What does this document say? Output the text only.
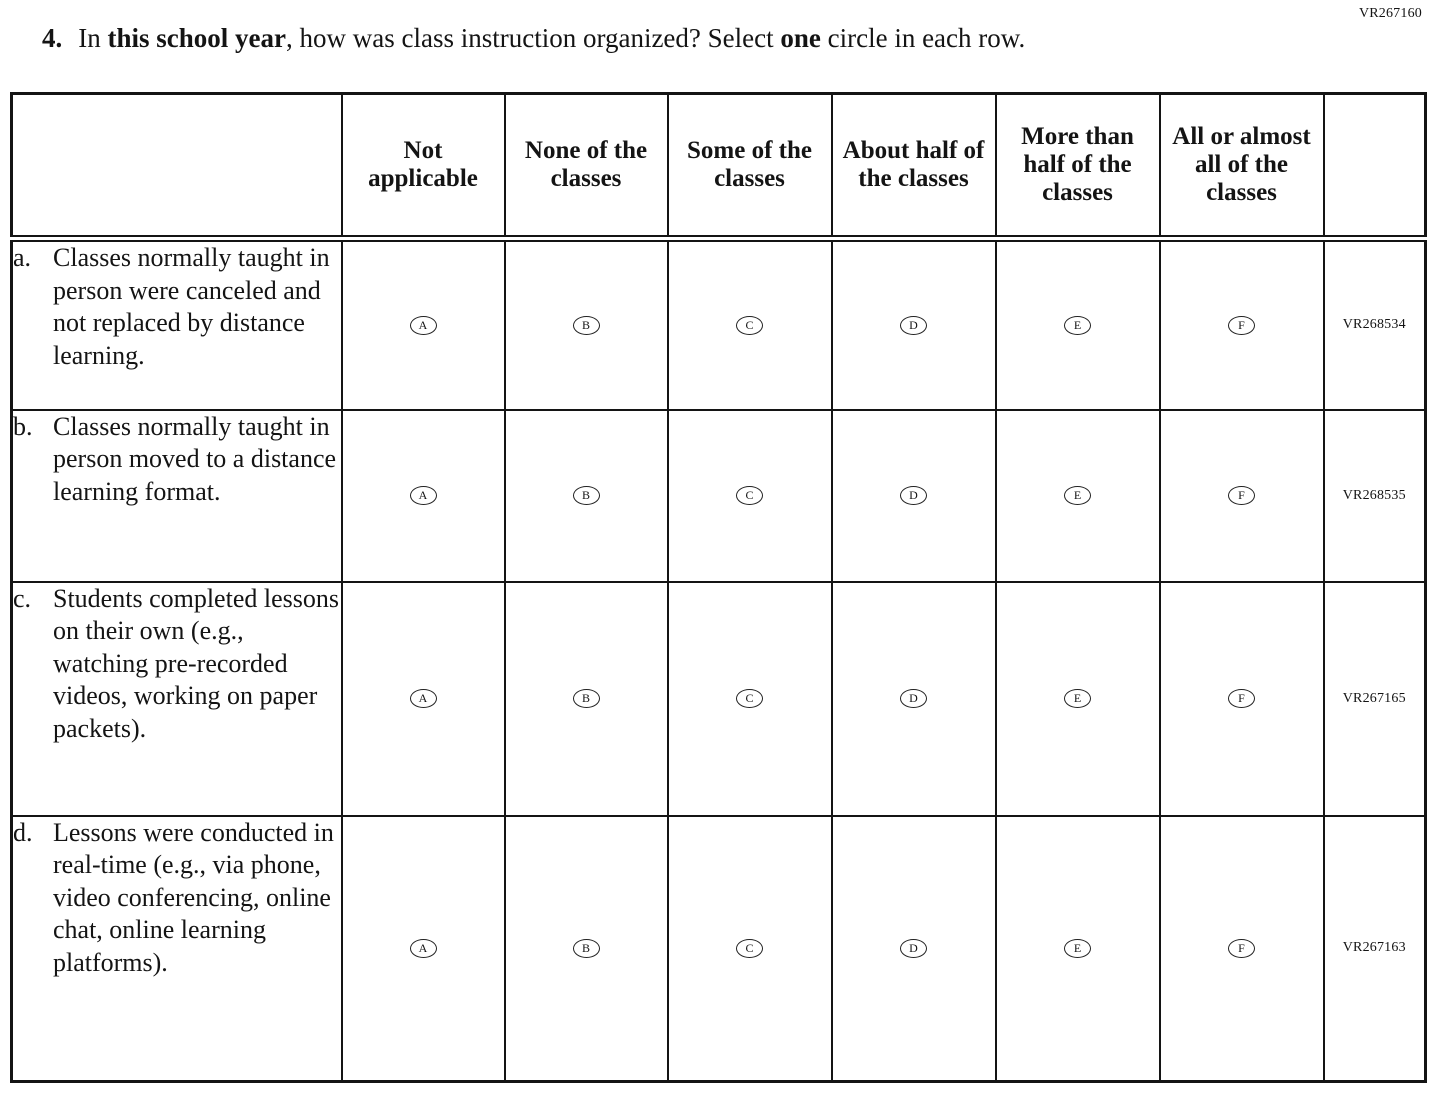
VR267160
4. In this school year, how was class instruction organized? Select one circle in each row.
	Not applicable	None of the classes	Some of the classes	About half of the classes	More than half of the classes	All or almost all of the classes	

a. Classes normally taught in person were canceled and not replaced by distance learning.	A	B	C	D	E	F	VR268534

b. Classes normally taught in person moved to a distance learning format.	A	B	C	D	E	F	VR268535

c. Students completed lessons on their own (e.g., watching pre-recorded videos, working on paper packets).	A	B	C	D	E	F	VR267165

d. Lessons were conducted in real-time (e.g., via phone, video conferencing, online chat, online learning platforms).	A	B	C	D	E	F	VR267163
